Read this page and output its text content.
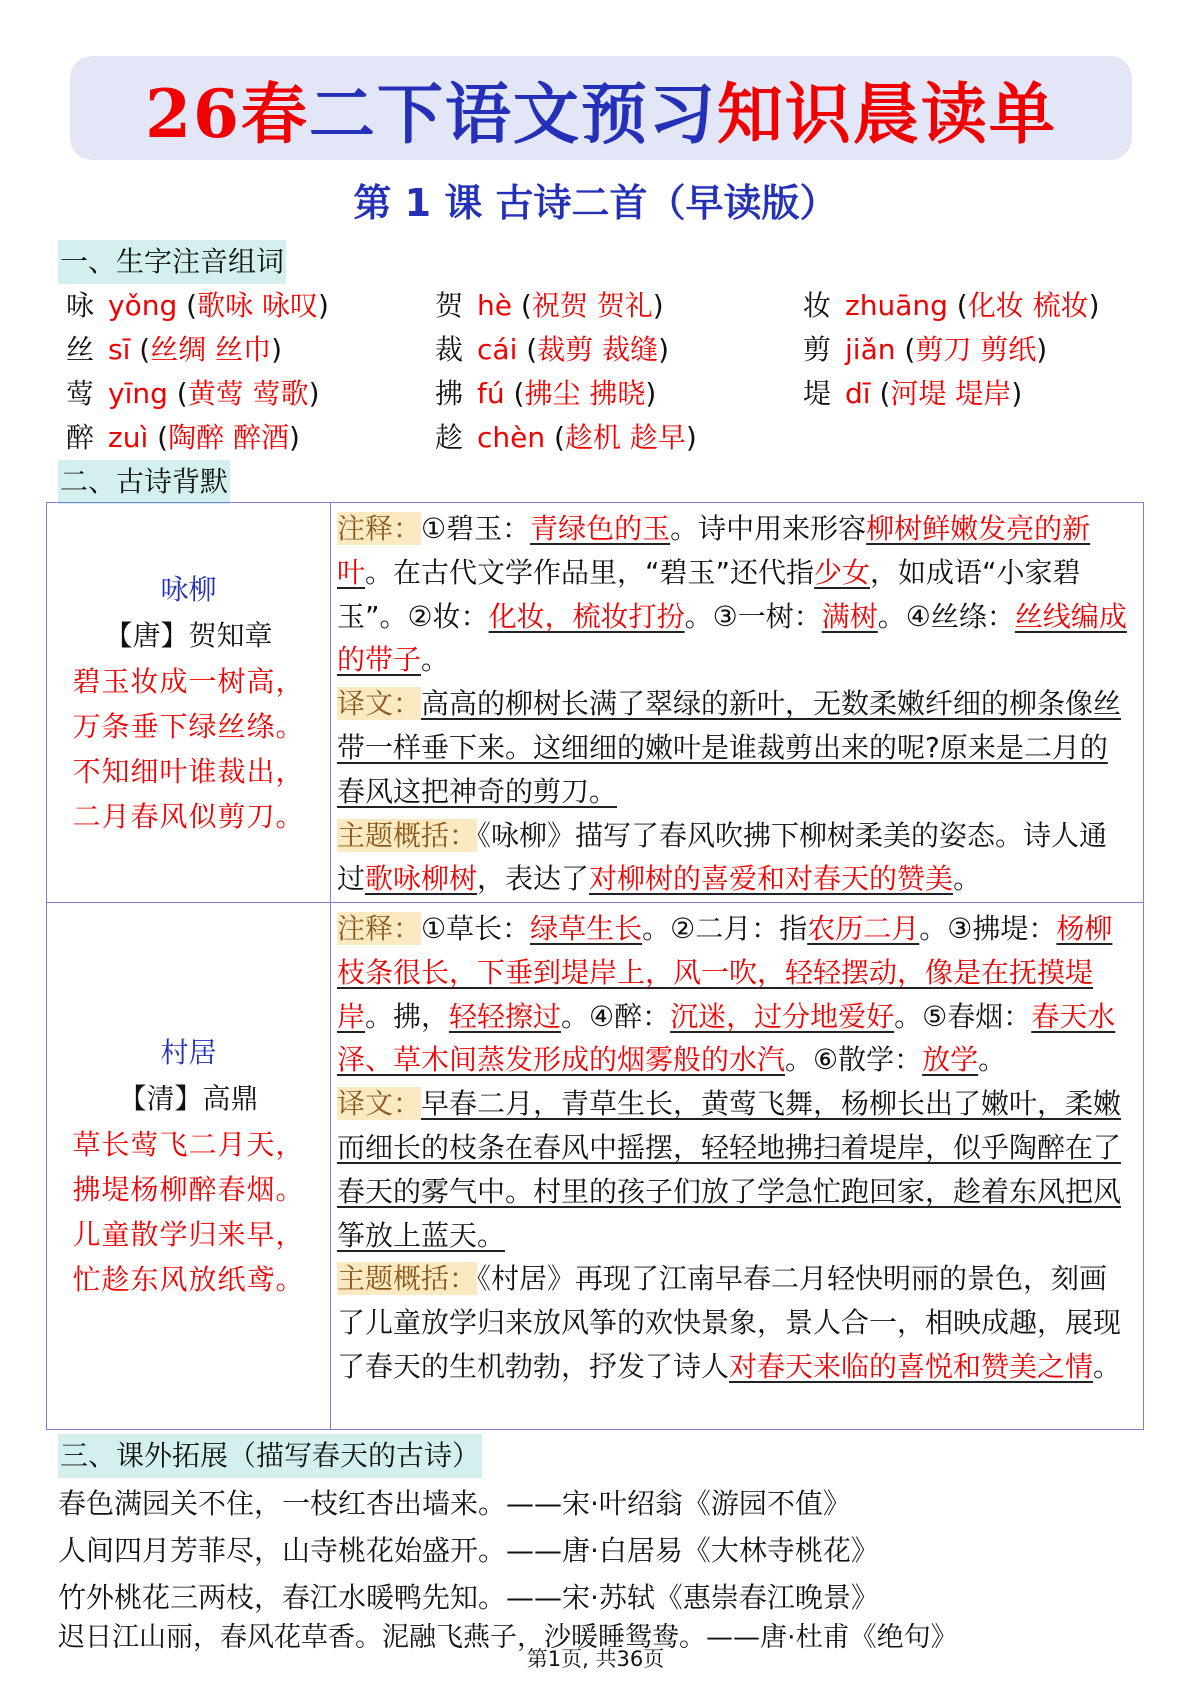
26春 二下语文预习 知识晨读单
第 1 课 古诗二首（早读版）
一、生字注音组词
咏 yǒng (歌咏 咏叹)
丝 sī (丝绸 丝巾)
莺 yīng (黄莺 莺歌)
醉 zuì (陶醉 醉酒)
贺 hè (祝贺 贺礼)
裁 cái (裁剪 裁缝)
拂 fú (拂尘 拂晓)
趁 chèn (趁机 趁早)
妆 zhuāng (化妆 梳妆)
剪 jiǎn (剪刀 剪纸)
堤 dī (河堤 堤岸)
二、古诗背默
咏柳
【唐】贺知章
碧玉妆成一树高，
万条垂下绿丝绦。
不知细叶谁裁出，
二月春风似剪刀。
注释：①碧玉：青绿色的玉。诗中用来形容柳树鲜嫩发亮的新叶。在古代文学作品里，“碧玉”还代指少女，如成语“小家碧玉”。②妆：化妆，梳妆打扮。③一树：满树。④丝绦：丝线编成的带子。
译文：高高的柳树长满了翠绿的新叶，无数柔嫩纤细的柳条像丝带一样垂下来。这细细的嫩叶是谁裁剪出来的呢?原来是二月的春风这把神奇的剪刀。
主题概括：《咏柳》描写了春风吹拂下柳树柔美的姿态。诗人通过歌咏柳树，表达了对柳树的喜爱和对春天的赞美。
村居
【清】高鼎
草长莺飞二月天，
拂堤杨柳醉春烟。
儿童散学归来早，
忙趁东风放纸鸢。
注释：①草长：绿草生长。②二月：指农历二月。③拂堤：杨柳枝条很长，下垂到堤岸上，风一吹，轻轻摆动，像是在抚摸堤岸。拂，轻轻擦过。④醉：沉迷，过分地爱好。⑤春烟：春天水泽、草木间蒸发形成的烟雾般的水汽。⑥散学：放学。
译文：早春二月，青草生长，黄莺飞舞，杨柳长出了嫩叶，柔嫩而细长的枝条在春风中摇摆，轻轻地拂扫着堤岸，似乎陶醉在了春天的雾气中。村里的孩子们放了学急忙跑回家，趁着东风把风筝放上蓝天。
主题概括：《村居》再现了江南早春二月轻快明丽的景色，刻画了儿童放学归来放风筝的欢快景象，景人合一，相映成趣，展现了春天的生机勃勃，抒发了诗人对春天来临的喜悦和赞美之情。
三、课外拓展（描写春天的古诗）
春色满园关不住，一枝红杏出墙来。——宋·叶绍翁《游园不值》
人间四月芳菲尽，山寺桃花始盛开。——唐·白居易《大林寺桃花》
竹外桃花三两枝，春江水暖鸭先知。——宋·苏轼《惠崇春江晚景》
迟日江山丽，春风花草香。泥融飞燕子，沙暖睡鸳鸯。——唐·杜甫《绝句》
第1页, 共36页
